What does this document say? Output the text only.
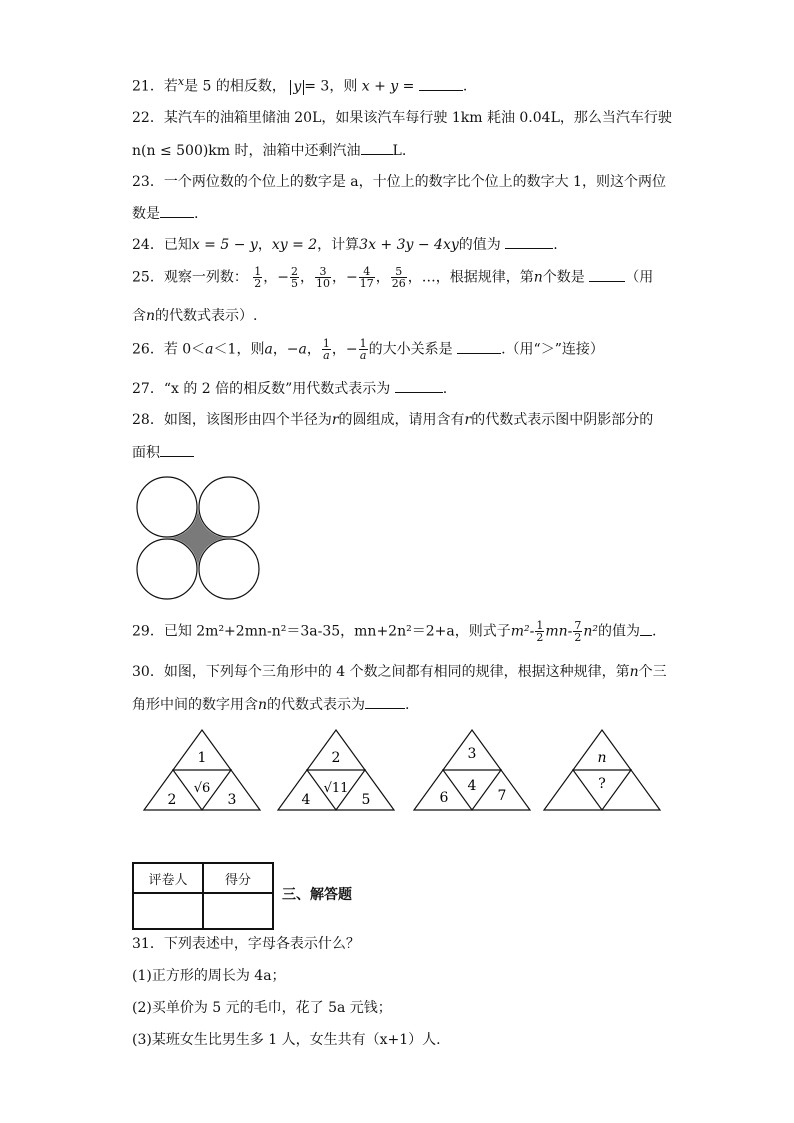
21．若$^x$是 5 的相反数， y = 3，则 x + y =	.
22．某汽车的油箱里储油 20L，如果该汽车每行驶 1km 耗油 0.04L，那么当汽车行驶
n(n ≤ 500)km 时，油箱中还剩汽油 L.
23．一个两位数的个位上的数字是 a，十位上的数字比个位上的数字大 1，则这个两位
数是 .
24．已知x = 5 − y，xy = 2，计算3x + 3y − 4xy的值为	.
25．观察一列数： $\frac{1}{2}$ ，− $\frac{2}{5}$ ， $\frac{3}{10}$ ，− $\frac{4}{17}$ ， $\frac{5}{26}$ ，…，根据规律，第n个数是	（用
含n的代数式表示）.
26．若 0＜a＜1，则a，−a， $\frac{1}{a}$ ，− $\frac{1}{a}$ 的大小关系是	.（用“＞”连接）
27．“x 的 2 倍的相反数”用代数式表示为	.
28．如图，该图形由四个半径为r的圆组成，请用含有r的代数式表示图中阴影部分的
面积
29．已知 2m²+2mn-n²＝3a-35，mn+2n²＝2+a，则式子$m^2- \frac{1}{2} mn- \frac{7}{2} n^2$的值为 .
30．如图，下列每个三角形中的 4 个数之间都有相同的规律，根据这种规律，第n个三
角形中间的数字用含n的代数式表示为	.
1
√6
2	3
2
√11
4	5
3
4
6	7
n
?
评卷人	得分

三、解答题
31．下列表述中，字母各表示什么？
(1)正方形的周长为 4a；
(2)买单价为 5 元的毛巾，花了 5a 元钱；
(3)某班女生比男生多 1 人，女生共有（x+1）人.
